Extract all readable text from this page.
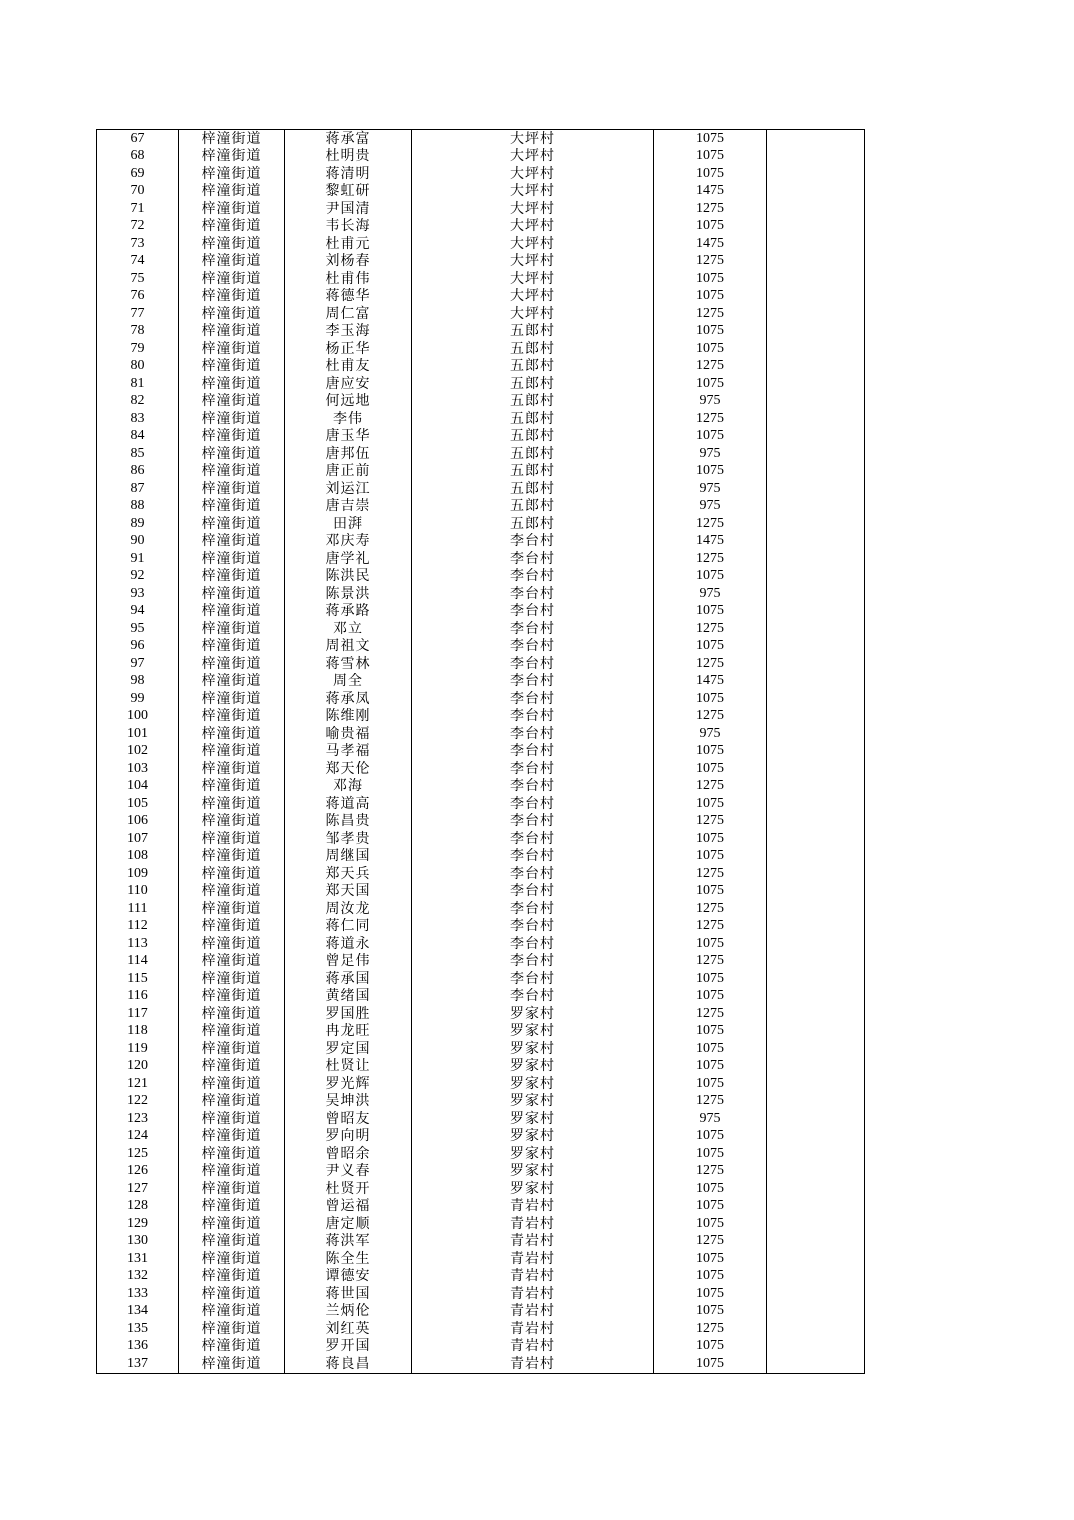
67	梓潼街道	蒋承富	大坪村	1075	
68	梓潼街道	杜明贵	大坪村	1075	
69	梓潼街道	蒋清明	大坪村	1075	
70	梓潼街道	黎虹研	大坪村	1475	
71	梓潼街道	尹国清	大坪村	1275	
72	梓潼街道	韦长海	大坪村	1075	
73	梓潼街道	杜甫元	大坪村	1475	
74	梓潼街道	刘杨春	大坪村	1275	
75	梓潼街道	杜甫伟	大坪村	1075	
76	梓潼街道	蒋德华	大坪村	1075	
77	梓潼街道	周仁富	大坪村	1275	
78	梓潼街道	李玉海	五郎村	1075	
79	梓潼街道	杨正华	五郎村	1075	
80	梓潼街道	杜甫友	五郎村	1275	
81	梓潼街道	唐应安	五郎村	1075	
82	梓潼街道	何远地	五郎村	975	
83	梓潼街道	李伟	五郎村	1275	
84	梓潼街道	唐玉华	五郎村	1075	
85	梓潼街道	唐邦伍	五郎村	975	
86	梓潼街道	唐正前	五郎村	1075	
87	梓潼街道	刘运江	五郎村	975	
88	梓潼街道	唐吉崇	五郎村	975	
89	梓潼街道	田湃	五郎村	1275	
90	梓潼街道	邓庆寿	李台村	1475	
91	梓潼街道	唐学礼	李台村	1275	
92	梓潼街道	陈洪民	李台村	1075	
93	梓潼街道	陈景洪	李台村	975	
94	梓潼街道	蒋承路	李台村	1075	
95	梓潼街道	邓立	李台村	1275	
96	梓潼街道	周祖文	李台村	1075	
97	梓潼街道	蒋雪林	李台村	1275	
98	梓潼街道	周全	李台村	1475	
99	梓潼街道	蒋承凤	李台村	1075	
100	梓潼街道	陈维刚	李台村	1275	
101	梓潼街道	喻贵福	李台村	975	
102	梓潼街道	马孝福	李台村	1075	
103	梓潼街道	郑天伦	李台村	1075	
104	梓潼街道	邓海	李台村	1275	
105	梓潼街道	蒋道高	李台村	1075	
106	梓潼街道	陈昌贵	李台村	1275	
107	梓潼街道	邹孝贵	李台村	1075	
108	梓潼街道	周继国	李台村	1075	
109	梓潼街道	郑天兵	李台村	1275	
110	梓潼街道	郑天国	李台村	1075	
111	梓潼街道	周汝龙	李台村	1275	
112	梓潼街道	蒋仁同	李台村	1275	
113	梓潼街道	蒋道永	李台村	1075	
114	梓潼街道	曾足伟	李台村	1275	
115	梓潼街道	蒋承国	李台村	1075	
116	梓潼街道	黄绪国	李台村	1075	
117	梓潼街道	罗国胜	罗家村	1275	
118	梓潼街道	冉龙旺	罗家村	1075	
119	梓潼街道	罗定国	罗家村	1075	
120	梓潼街道	杜贤让	罗家村	1075	
121	梓潼街道	罗光辉	罗家村	1075	
122	梓潼街道	吴坤洪	罗家村	1275	
123	梓潼街道	曾昭友	罗家村	975	
124	梓潼街道	罗向明	罗家村	1075	
125	梓潼街道	曾昭余	罗家村	1075	
126	梓潼街道	尹义春	罗家村	1275	
127	梓潼街道	杜贤开	罗家村	1075	
128	梓潼街道	曾运福	青岩村	1075	
129	梓潼街道	唐定顺	青岩村	1075	
130	梓潼街道	蒋洪军	青岩村	1275	
131	梓潼街道	陈全生	青岩村	1075	
132	梓潼街道	谭德安	青岩村	1075	
133	梓潼街道	蒋世国	青岩村	1075	
134	梓潼街道	兰炳伦	青岩村	1075	
135	梓潼街道	刘红英	青岩村	1275	
136	梓潼街道	罗开国	青岩村	1075	
137	梓潼街道	蒋良昌	青岩村	1075	
